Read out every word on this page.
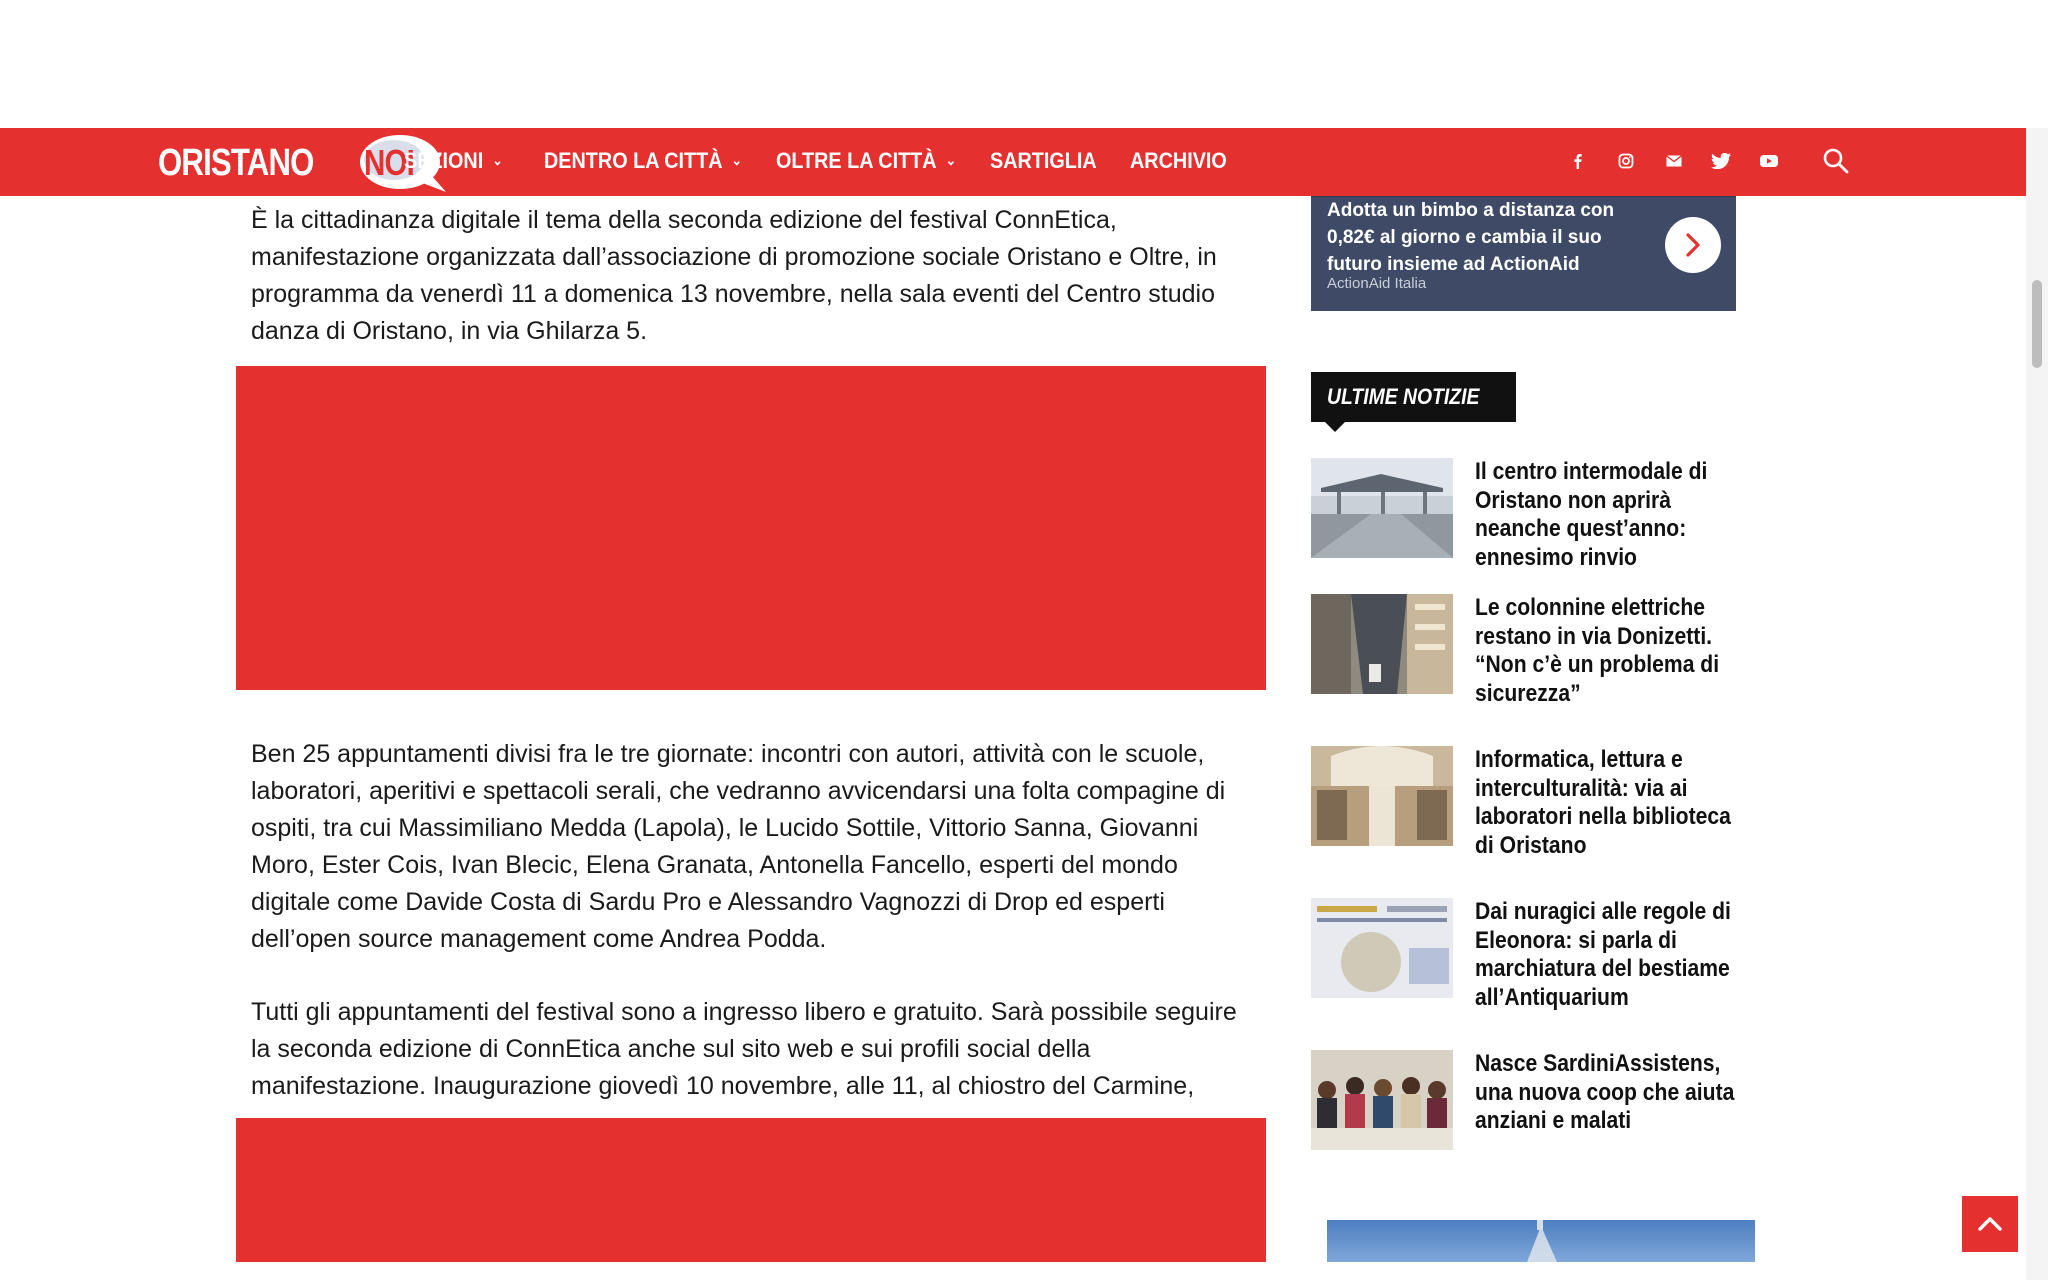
ORISTANO NOI
SEZIONI ⌄ DENTRO LA CITTÀ ⌄ OLTRE LA CITTÀ ⌄ SARTIGLIA ARCHIVIO

È la cittadinanza digitale il tema della seconda edizione del festival ConnEtica, manifestazione organizzata dall’associazione di promozione sociale Oristano e Oltre, in programma da venerdì 11 a domenica 13 novembre, nella sala eventi del Centro studio danza di Oristano, in via Ghilarza 5.

Ben 25 appuntamenti divisi fra le tre giornate: incontri con autori, attività con le scuole, laboratori, aperitivi e spettacoli serali, che vedranno avvicendarsi una folta compagine di ospiti, tra cui Massimiliano Medda (Lapola), le Lucido Sottile, Vittorio Sanna, Giovanni Moro, Ester Cois, Ivan Blecic, Elena Granata, Antonella Fancello, esperti del mondo digitale come Davide Costa di Sardu Pro e Alessandro Vagnozzi di Drop ed esperti dell’open source management come Andrea Podda.

Tutti gli appuntamenti del festival sono a ingresso libero e gratuito. Sarà possibile seguire la seconda edizione di ConnEtica anche sul sito web e sui profili social della manifestazione. Inaugurazione giovedì 10 novembre, alle 11, al chiostro del Carmine,

Adotta un bimbo a distanza con 0,82€ al giorno e cambia il suo futuro insieme ad ActionAid
ActionAid Italia
ULTIME NOTIZIE
Il centro intermodale di Oristano non aprirà neanche quest’anno: ennesimo rinvio
Le colonnine elettriche restano in via Donizetti. “Non c’è un problema di sicurezza”
Informatica, lettura e interculturalità: via ai laboratori nella biblioteca di Oristano
Dai nuragici alle regole di Eleonora: si parla di marchiatura del bestiame all’Antiquarium
Nasce SardiniAssistens, una nuova coop che aiuta anziani e malati
